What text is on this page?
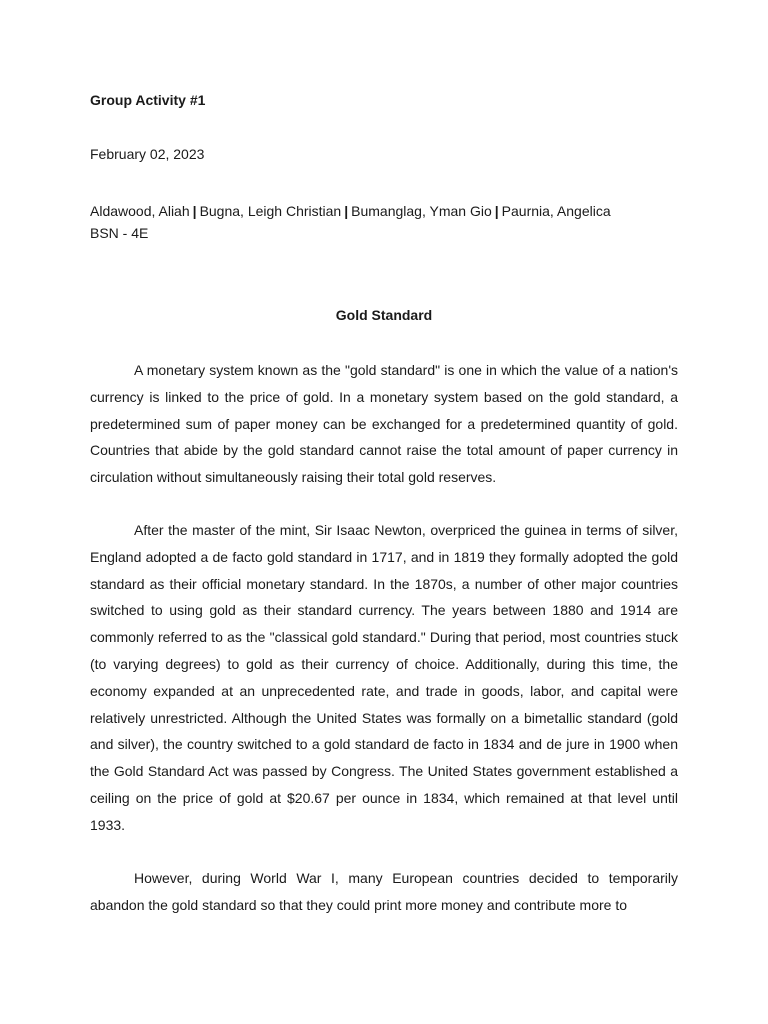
Group Activity #1
February 02, 2023
Aldawood, Aliah | Bugna, Leigh Christian | Bumanglag, Yman Gio | Paurnia, Angelica
BSN - 4E
Gold Standard

A monetary system known as the "gold standard" is one in which the value of a nation's currency is linked to the price of gold. In a monetary system based on the gold standard, a predetermined sum of paper money can be exchanged for a predetermined quantity of gold. Countries that abide by the gold standard cannot raise the total amount of paper currency in circulation without simultaneously raising their total gold reserves.

After the master of the mint, Sir Isaac Newton, overpriced the guinea in terms of silver, England adopted a de facto gold standard in 1717, and in 1819 they formally adopted the gold standard as their official monetary standard. In the 1870s, a number of other major countries switched to using gold as their standard currency. The years between 1880 and 1914 are commonly referred to as the "classical gold standard." During that period, most countries stuck (to varying degrees) to gold as their currency of choice. Additionally, during this time, the economy expanded at an unprecedented rate, and trade in goods, labor, and capital were relatively unrestricted. Although the United States was formally on a bimetallic standard (gold and silver), the country switched to a gold standard de facto in 1834 and de jure in 1900 when the Gold Standard Act was passed by Congress. The United States government established a ceiling on the price of gold at $20.67 per ounce in 1834, which remained at that level until 1933.

However, during World War I, many European countries decided to temporarily abandon the gold standard so that they could print more money and contribute more to
